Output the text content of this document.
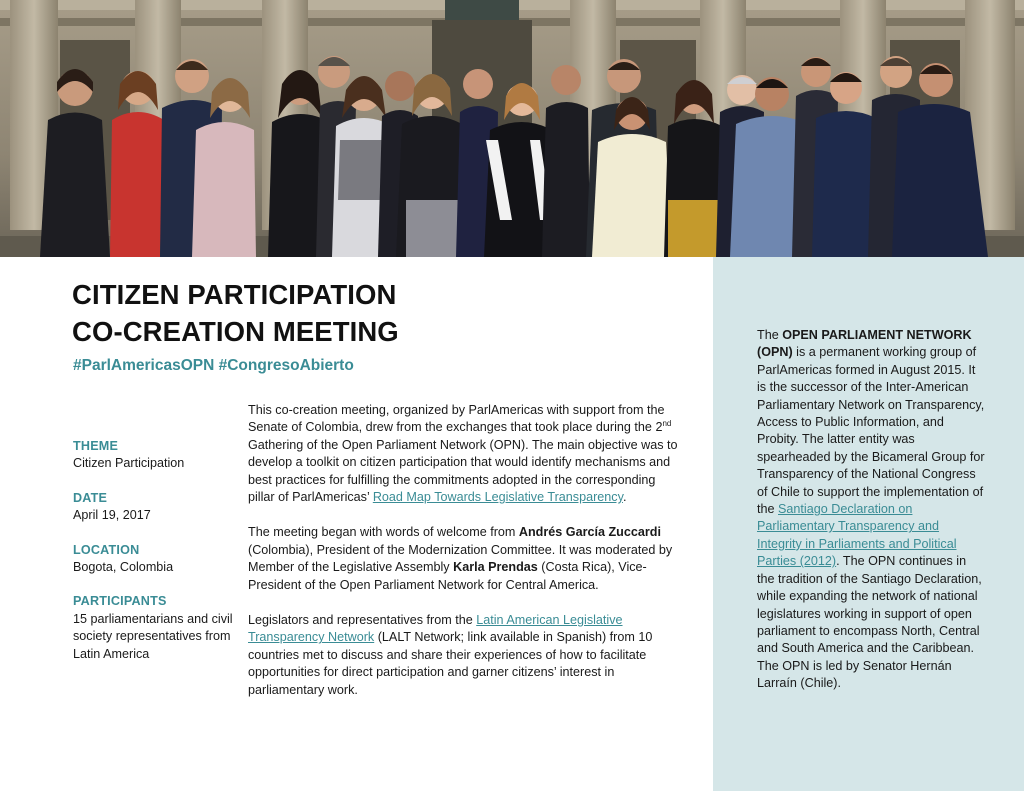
The OPEN PARLIAMENT NETWORK (OPN) is a permanent working group of ParlAmericas formed in August 2015. It is the successor of the Inter-American Parliamentary Network on Transparency, Access to Public Information, and Probity. The latter entity was spearheaded by the Bicameral Group for Transparency of the National Congress of Chile to support the implementation of the Santiago Declaration on Parliamentary Transparency and Integrity in Parliaments and Political Parties (2012). The OPN continues in the tradition of the Santiago Declaration, while expanding the network of national legislatures working in support of open parliament to encompass North, Central and South America and the Caribbean. The OPN is led by Senator Hernán Larraín (Chile).
CITIZEN PARTICIPATION
CO-CREATION MEETING
#ParlAmericasOPN #CongresoAbierto
THEME
Citizen Participation
DATE
April 19, 2017
LOCATION
Bogota, Colombia
PARTICIPANTS
15 parliamentarians and civil society representatives from Latin America

This co-creation meeting, organized by ParlAmericas with support from the Senate of Colombia, drew from the exchanges that took place during the 2nd Gathering of the Open Parliament Network (OPN). The main objective was to develop a toolkit on citizen participation that would identify mechanisms and best practices for fulfilling the commitments adopted in the corresponding pillar of ParlAmericas’ Road Map Towards Legislative Transparency.

The meeting began with words of welcome from Andrés García Zuccardi (Colombia), President of the Modernization Committee. It was moderated by Member of the Legislative Assembly Karla Prendas (Costa Rica), Vice-President of the Open Parliament Network for Central America.

Legislators and representatives from the Latin American Legislative Transparency Network (LALT Network; link available in Spanish) from 10 countries met to discuss and share their experiences of how to facilitate opportunities for direct participation and garner citizens’ interest in parliamentary work.
